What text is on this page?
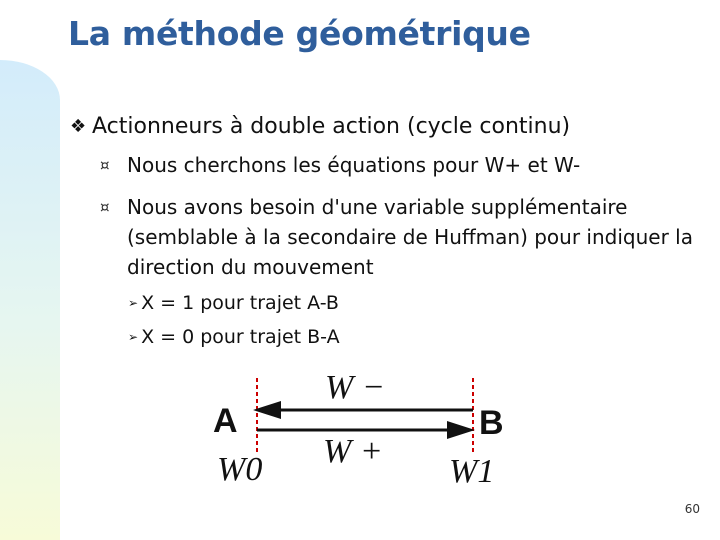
La méthode géométrique
❖ Actionneurs à double action (cycle continu)
¤ Nous cherchons les équations pour W+ et W-
¤ Nous avons besoin d'une variable supplémentaire (semblable à la secondaire de Huffman) pour indiquer la direction du mouvement
➢ X = 1 pour trajet A-B
➢ X = 0 pour trajet B-A
A	B
W −
W +
W0	W1
60
